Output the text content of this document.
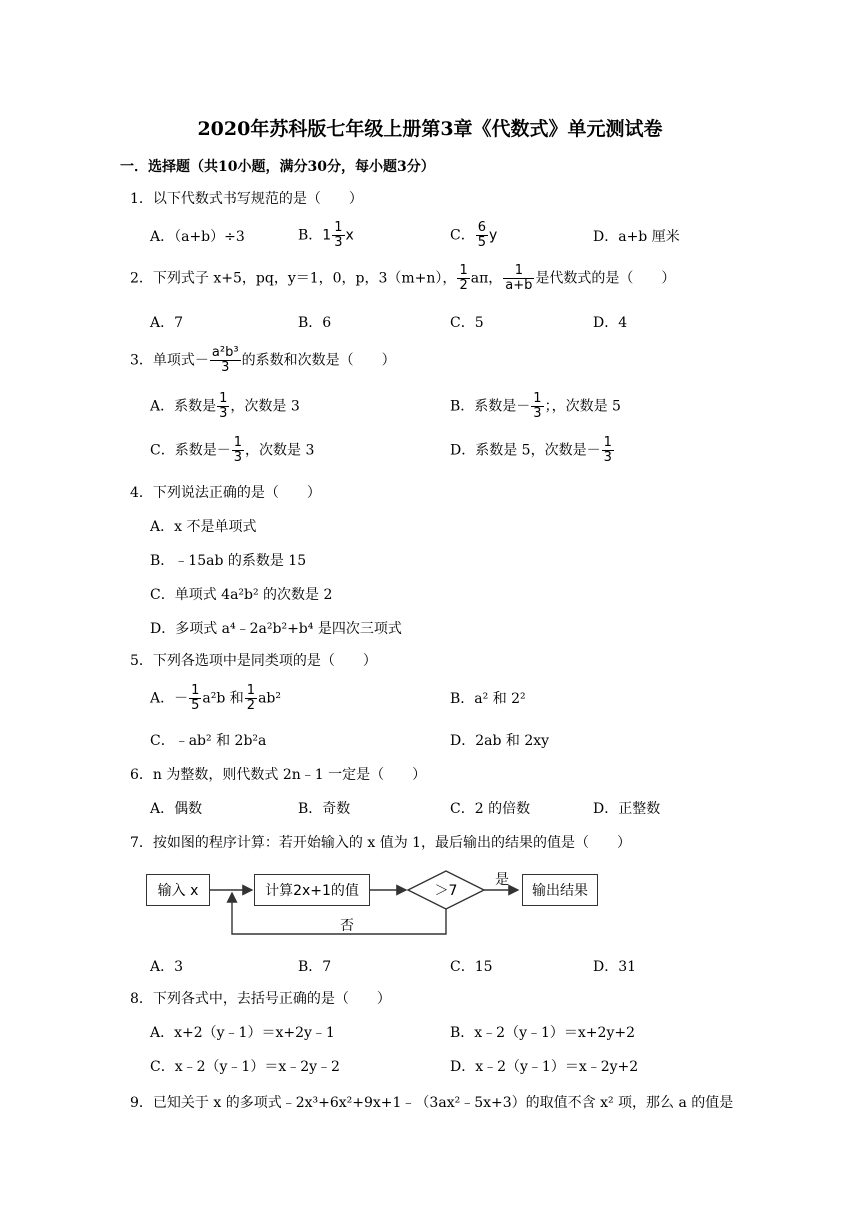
2020年苏科版七年级上册第3章《代数式》单元测试卷
一．选择题（共10小题，满分30分，每小题3分）
1．以下代数式书写规范的是（　　）
A．（a+b）÷3	B．$1 \frac{1}{3}$ x	C． $\frac{6}{5}$ y	D．a+b 厘米
2．下列式子 x+5，pq，y＝1，0，p，3（m+n）， $\frac{1}{2}$ aπ， $\frac{1}{a+b}$ 是代数式的是（　　）
A．7	B．6	C．5	D．4
3．单项式－ $\frac{\text{a²b³}}{3}$ 的系数和次数是（　　）
A．系数是 $\frac{1}{3}$ ，次数是 3	B．系数是－ $\frac{1}{3}$ ；，次数是 5
C．系数是－ $\frac{1}{3}$ ，次数是 3	D．系数是 5，次数是－ $\frac{1}{3}$
4．下列说法正确的是（　　）
A．x 不是单项式
B．﹣15ab 的系数是 15
C．单项式 4a²b² 的次数是 2
D．多项式 a⁴﹣2a²b²+b⁴ 是四次三项式
5．下列各选项中是同类项的是（　　）
A．－ $\frac{1}{5} a^2b$ 和 $\frac{1}{2} ab^2$	B．a² 和 2²
C．﹣ab² 和 2b²a	D．2ab 和 2xy
6．n 为整数，则代数式 2n﹣1 一定是（　　）
A．偶数	B．奇数	C．2 的倍数	D．正整数
7．按如图的程序计算：若开始输入的 x 值为 1，最后输出的结果的值是（　　）
＞7
是
否
输入 x	计算2x+1的值	输出结果
A．3	B．7	C．15	D．31
8．下列各式中，去括号正确的是（　　）
A．x+2（y﹣1）＝x+2y﹣1	B．x﹣2（y﹣1）＝x+2y+2
C．x﹣2（y﹣1）＝x﹣2y﹣2	D．x﹣2（y﹣1）＝x﹣2y+2
9．已知关于 x 的多项式﹣2x³+6x²+9x+1﹣（3ax²﹣5x+3）的取值不含 x² 项，那么 a 的值是
